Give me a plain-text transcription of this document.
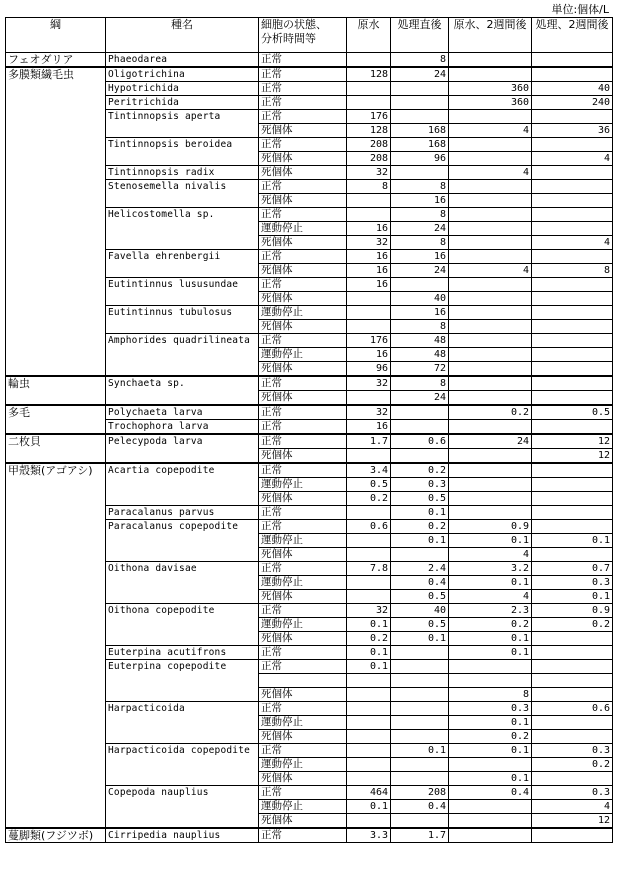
単位:個体/L
綱	種名	細胞の状態、
分析時間等	原水	処理直後	原水、2週間後	処理、2週間後
フェオダリア	Phaeodarea	正常		8		
多膜類繊毛虫	Oligotrichina	正常	128	24		
	Hypotrichida	正常			360	40
	Peritrichida	正常			360	240
	Tintinnopsis aperta	正常	176			
		死個体	128	168	4	36
	Tintinnopsis beroidea	正常	208	168		
		死個体	208	96		4
	Tintinnopsis radix	死個体	32		4	
	Stenosemella nivalis	正常	8	8		
		死個体		16		
	Helicostomella sp.	正常		8		
		運動停止	16	24		
		死個体	32	8		4
	Favella ehrenbergii	正常	16	16		
		死個体	16	24	4	8
	Eutintinnus lususundae	正常	16			
		死個体		40		
	Eutintinnus tubulosus	運動停止		16		
		死個体		8		
	Amphorides quadrilineata	正常	176	48		
		運動停止	16	48		
		死個体	96	72		
輪虫	Synchaeta sp.	正常	32	8		
		死個体		24		
多毛	Polychaeta larva	正常	32		0.2	0.5
	Trochophora larva	正常	16			
二枚貝	Pelecypoda larva	正常	1.7	0.6	24	12
		死個体				12
甲殻類(アゴアシ)	Acartia copepodite	正常	3.4	0.2		
		運動停止	0.5	0.3		
		死個体	0.2	0.5		
	Paracalanus parvus	正常		0.1		
	Paracalanus copepodite	正常	0.6	0.2	0.9	
		運動停止		0.1	0.1	0.1
		死個体			4	
	Oithona davisae	正常	7.8	2.4	3.2	0.7
		運動停止		0.4	0.1	0.3
		死個体		0.5	4	0.1
	Oithona copepodite	正常	32	40	2.3	0.9
		運動停止	0.1	0.5	0.2	0.2
		死個体	0.2	0.1	0.1	
	Euterpina acutifrons	正常	0.1		0.1	
	Euterpina copepodite	正常	0.1			

		死個体			8	
	Harpacticoida	正常			0.3	0.6
		運動停止			0.1	
		死個体			0.2	
	Harpacticoida copepodite	正常		0.1	0.1	0.3
		運動停止				0.2
		死個体			0.1	
	Copepoda nauplius	正常	464	208	0.4	0.3
		運動停止	0.1	0.4		4
		死個体				12
蔓脚類(フジツボ)	Cirripedia nauplius	正常	3.3	1.7		
